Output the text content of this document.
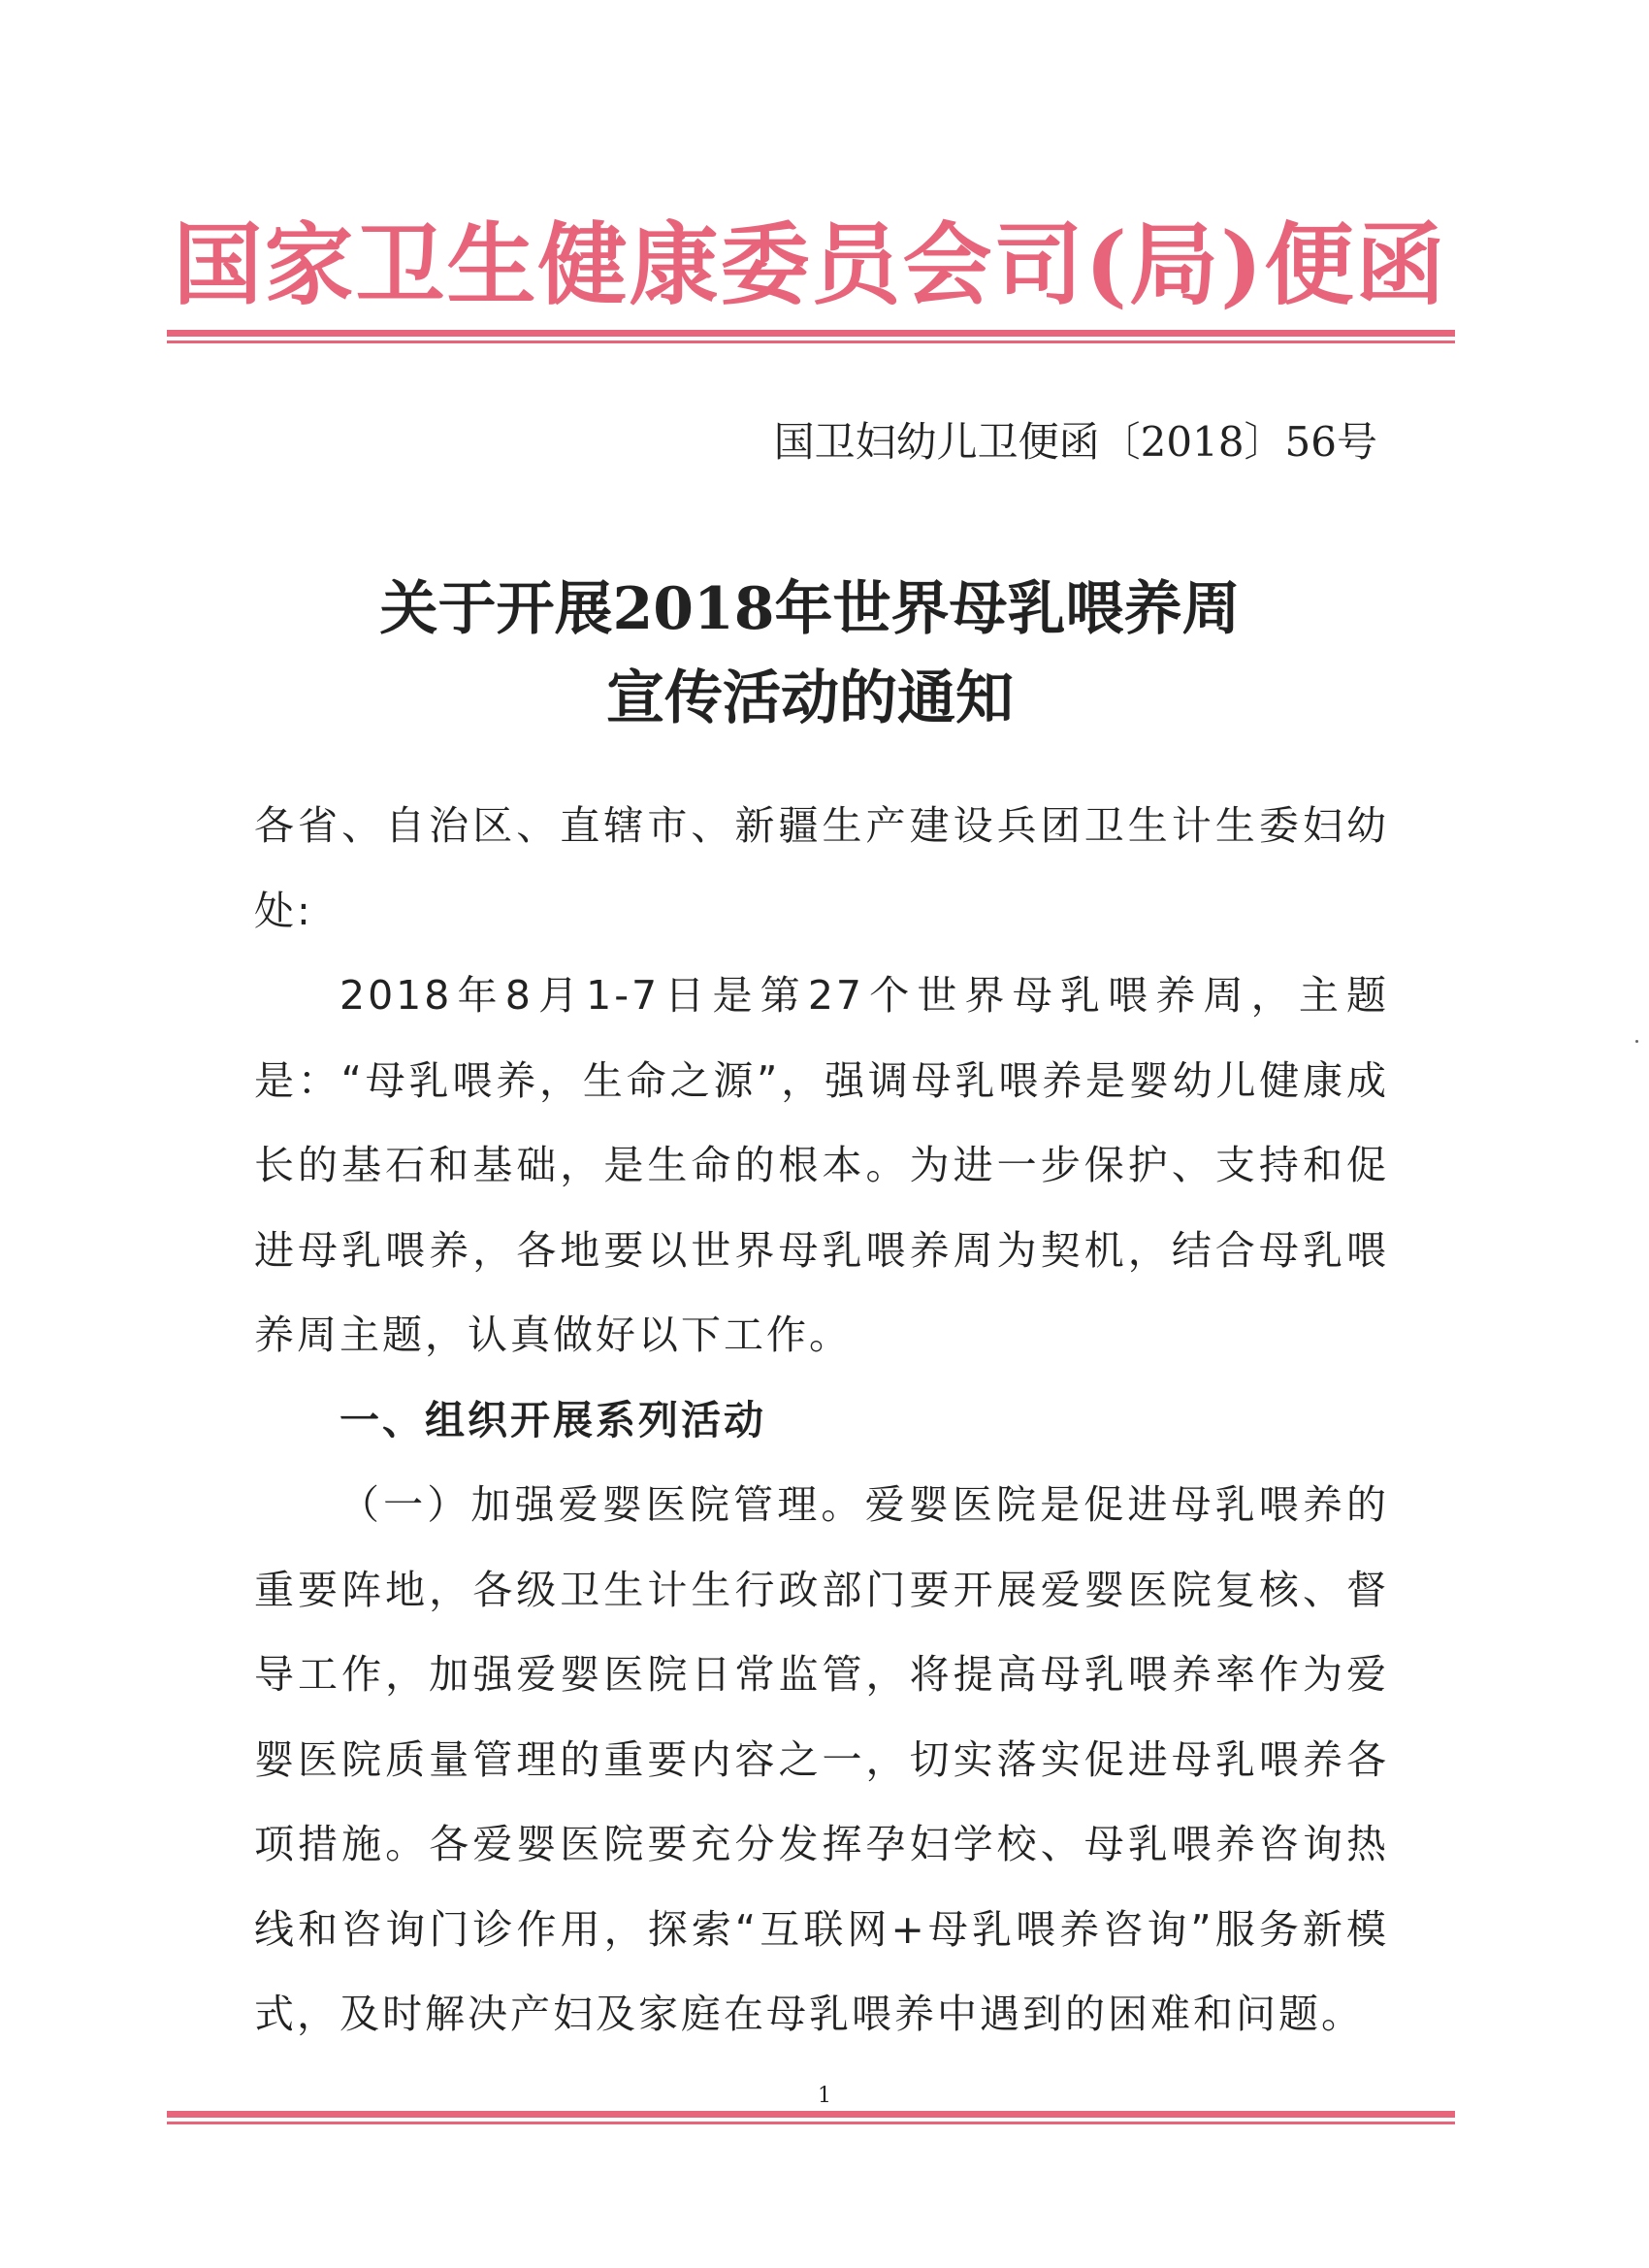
国家卫生健康委员会司(局)便函
国卫妇幼儿卫便函〔2018〕56号
关于开展2018年世界母乳喂养周
宣传活动的通知

各省、自治区、直辖市、新疆生产建设兵团卫生计生委妇幼处:

2018年8月1-7日是第27个世界母乳喂养周，主题是：“母乳喂养，生命之源”，强调母乳喂养是婴幼儿健康成长的基石和基础，是生命的根本。为进一步保护、支持和促进母乳喂养，各地要以世界母乳喂养周为契机，结合母乳喂养周主题，认真做好以下工作。

一、组织开展系列活动

（一）加强爱婴医院管理。爱婴医院是促进母乳喂养的重要阵地，各级卫生计生行政部门要开展爱婴医院复核、督导工作，加强爱婴医院日常监管，将提高母乳喂养率作为爱婴医院质量管理的重要内容之一，切实落实促进母乳喂养各项措施。各爱婴医院要充分发挥孕妇学校、母乳喂养咨询热线和咨询门诊作用，探索“互联网+母乳喂养咨询”服务新模式，及时解决产妇及家庭在母乳喂养中遇到的困难和问题。

1
